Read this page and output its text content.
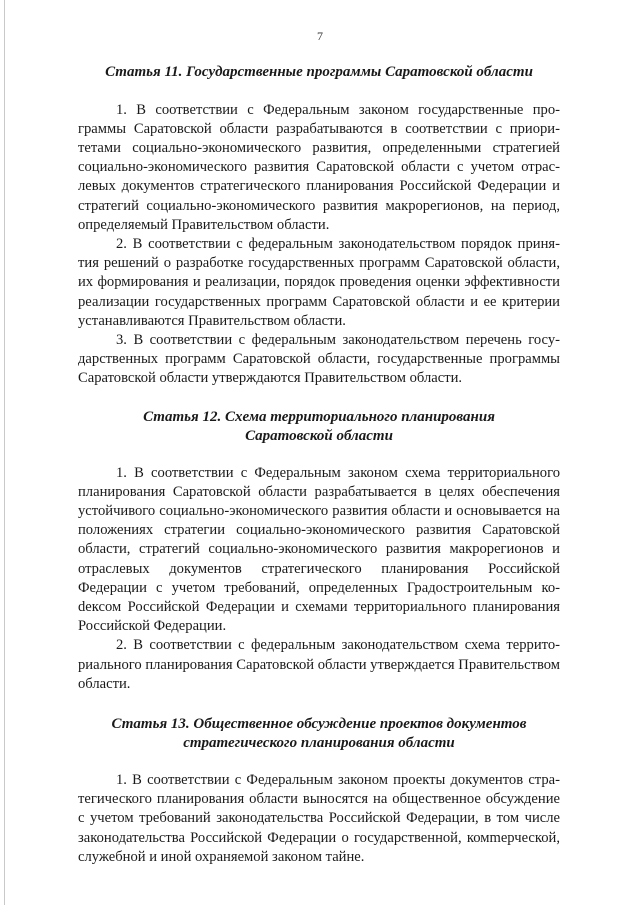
7
Статья 11. Государственные программы Саратовской области

1. В соответствии с Федеральным законом государственные программы Саратовской области разрабатываются в соответствии с приоритетами социально-экономического развития, определенными стратегией социально-экономического развития Саратовской области с учетом отраслевых документов стратегического планирования Российской Федерации и стратегий социально-экономического развития макрорегионов, на период, определяемый Правительством области.

2. В соответствии с федеральным законодательством порядок принятия решений о разработке государственных программ Саратовской области, их формирования и реализации, порядок проведения оценки эффективности реализации государственных программ Саратовской области и ее критерии устанавливаются Правительством области.

3. В соответствии с федеральным законодательством перечень государственных программ Саратовской области, государственные программы Саратовской области утверждаются Правительством области.

Статья 12. Схема территориального планирования
Саратовской области

1. В соответствии с Федеральным законом схема территориального планирования Саратовской области разрабатывается в целях обеспечения устойчивого социально-экономического развития области и основывается на положениях стратегии социально-экономического развития Саратовской области, стратегий социально-экономического развития макрорегионов и отраслевых документов стратегического планирования Российской Федерации с учетом требований, определенных Градостроительным коdексом Российской Федерации и схемами территориального планирования Российской Федерации.

2. В соответствии с федеральным законодательством схема территориального планирования Саратовской области утверждается Правительством области.

Статья 13. Общественное обсуждение проектов документов
стратегического планирования области

1. В соответствии с Федеральным законом проекты документов стратегического планирования области выносятся на общественное обсуждение с учетом требований законодательства Российской Федерации, в том числе законодательства Российской Федерации о государственной, комmерческой, служебной и иной охраняемой законом тайне.
